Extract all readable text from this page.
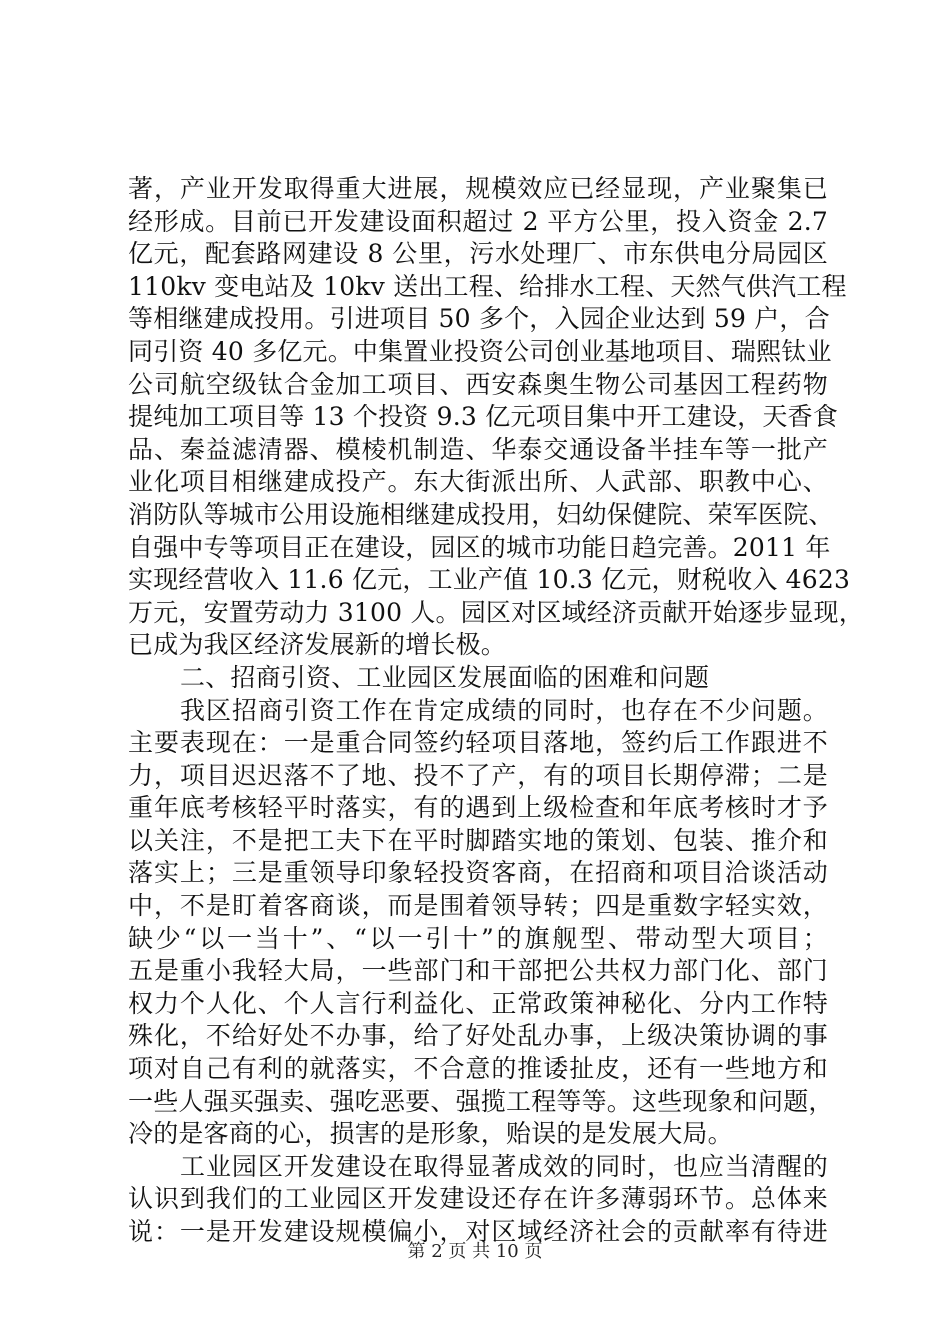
著，产业开发取得重大进展，规模效应已经显现，产业聚集已
经形成。目前已开发建设面积超过 2 平方公里，投入资金 2.7
亿元，配套路网建设 8 公里，污水处理厂、市东供电分局园区
110kv 变电站及 10kv 送出工程、给排水工程、天然气供汽工程
等相继建成投用。引进项目 50 多个，入园企业达到 59 户，合
同引资 40 多亿元。中集置业投资公司创业基地项目、瑞熙钛业
公司航空级钛合金加工项目、西安森奥生物公司基因工程药物
提纯加工项目等 13 个投资 9.3 亿元项目集中开工建设，天香食
品、秦益滤清器、模棱机制造、华泰交通设备半挂车等一批产
业化项目相继建成投产。东大街派出所、人武部、职教中心、
消防队等城市公用设施相继建成投用，妇幼保健院、荣军医院、
自强中专等项目正在建设，园区的城市功能日趋完善。2011 年
实现经营收入 11.6 亿元，工业产值 10.3 亿元，财税收入 4623
万元，安置劳动力 3100 人。园区对区域经济贡献开始逐步显现，
已成为我区经济发展新的增长极。
二、招商引资、工业园区发展面临的困难和问题
我区招商引资工作在肯定成绩的同时，也存在不少问题。
主要表现在：一是重合同签约轻项目落地，签约后工作跟进不
力，项目迟迟落不了地、投不了产，有的项目长期停滞；二是
重年底考核轻平时落实，有的遇到上级检查和年底考核时才予
以关注，不是把工夫下在平时脚踏实地的策划、包装、推介和
落实上；三是重领导印象轻投资客商，在招商和项目洽谈活动
中，不是盯着客商谈，而是围着领导转；四是重数字轻实效，
缺少“以一当十”、“以一引十”的旗舰型、带动型大项目；
五是重小我轻大局，一些部门和干部把公共权力部门化、部门
权力个人化、个人言行利益化、正常政策神秘化、分内工作特
殊化，不给好处不办事，给了好处乱办事，上级决策协调的事
项对自己有利的就落实，不合意的推诿扯皮，还有一些地方和
一些人强买强卖、强吃恶要、强揽工程等等。这些现象和问题，
冷的是客商的心，损害的是形象，贻误的是发展大局。
工业园区开发建设在取得显著成效的同时，也应当清醒的
认识到我们的工业园区开发建设还存在许多薄弱环节。总体来
说：一是开发建设规模偏小，对区域经济社会的贡献率有待进
第 2 页 共 10 页
